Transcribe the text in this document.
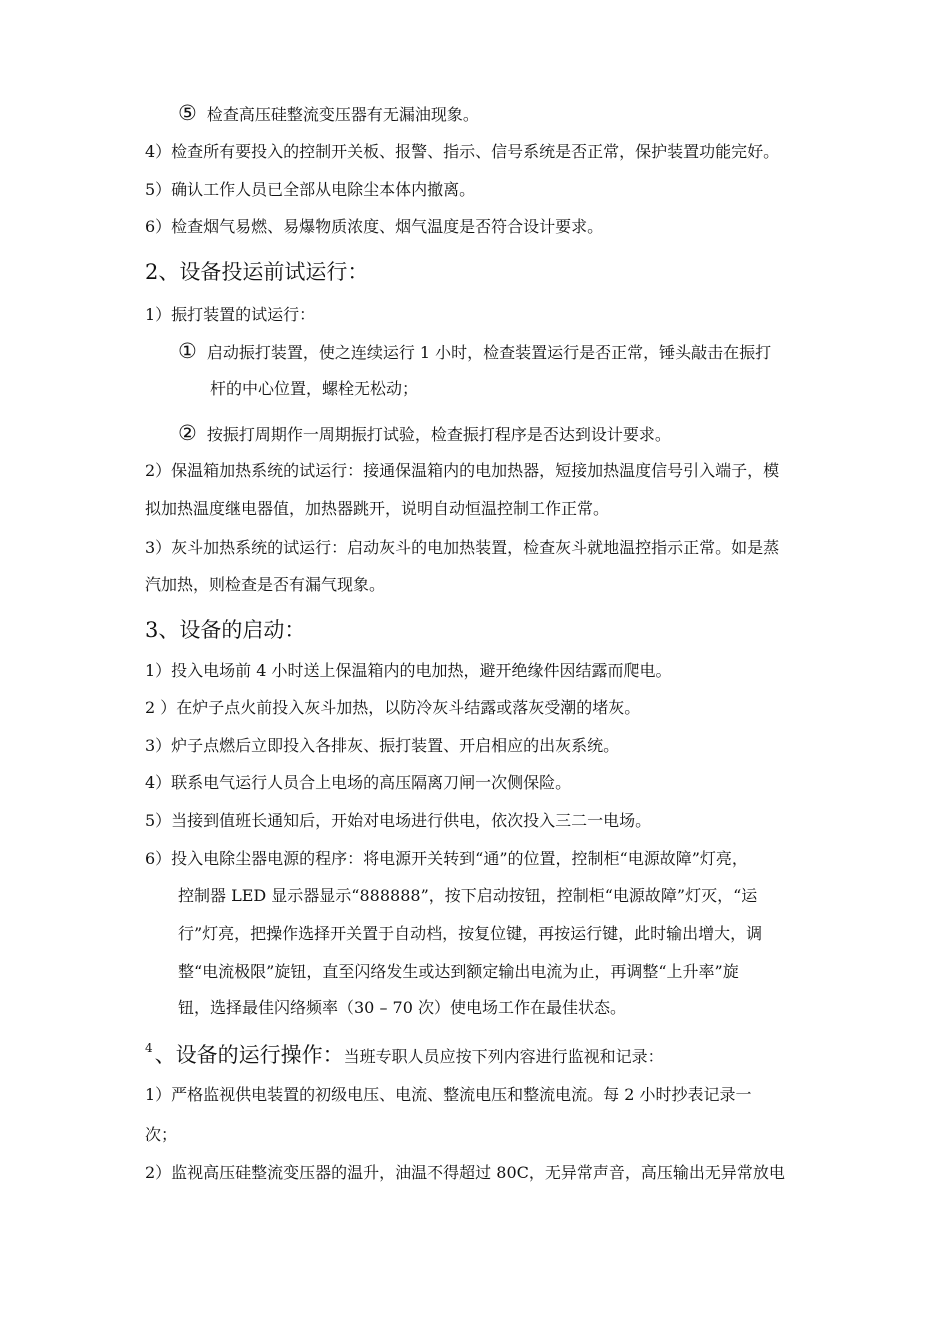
⑤ 检查高压硅整流变压器有无漏油现象。
4）检查所有要投入的控制开关板、报警、指示、信号系统是否正常，保护装置功能完好。
5）确认工作人员已全部从电除尘本体内撤离。
6）检查烟气易燃、易爆物质浓度、烟气温度是否符合设计要求。
2、设备投运前试运行：
1）振打装置的试运行：
① 启动振打装置，使之连续运行 1 小时，检查装置运行是否正常，锤头敲击在振打
杆的中心位置，螺栓无松动；
② 按振打周期作一周期振打试验，检查振打程序是否达到设计要求。
2）保温箱加热系统的试运行：接通保温箱内的电加热器，短接加热温度信号引入端子，模
拟加热温度继电器值，加热器跳开，说明自动恒温控制工作正常。
3）灰斗加热系统的试运行：启动灰斗的电加热装置，检查灰斗就地温控指示正常。如是蒸
汽加热，则检查是否有漏气现象。
3、设备的启动：
1）投入电场前 4 小时送上保温箱内的电加热，避开绝缘件因结露而爬电。
2 ）在炉子点火前投入灰斗加热，以防冷灰斗结露或落灰受潮的堵灰。
3）炉子点燃后立即投入各排灰、振打装置、开启相应的出灰系统。
4）联系电气运行人员合上电场的高压隔离刀闸一次侧保险。
5）当接到值班长通知后，开始对电场进行供电，依次投入三二一电场。
6）投入电除尘器电源的程序：将电源开关转到“通”的位置，控制柜“电源故障”灯亮，
控制器 LED 显示器显示“888888”，按下启动按钮，控制柜“电源故障”灯灭，“运
行”灯亮，把操作选择开关置于自动档，按复位键，再按运行键，此时输出增大，调
整“电流极限”旋钮，直至闪络发生或达到额定输出电流为止，再调整“上升率”旋
钮，选择最佳闪络频率（30 – 70 次）使电场工作在最佳状态。
$^4$、设备的运行操作：当班专职人员应按下列内容进行监视和记录：
1）严格监视供电装置的初级电压、电流、整流电压和整流电流。每 2 小时抄表记录一
次；
2）监视高压硅整流变压器的温升，油温不得超过 80C，无异常声音，高压输出无异常放电
